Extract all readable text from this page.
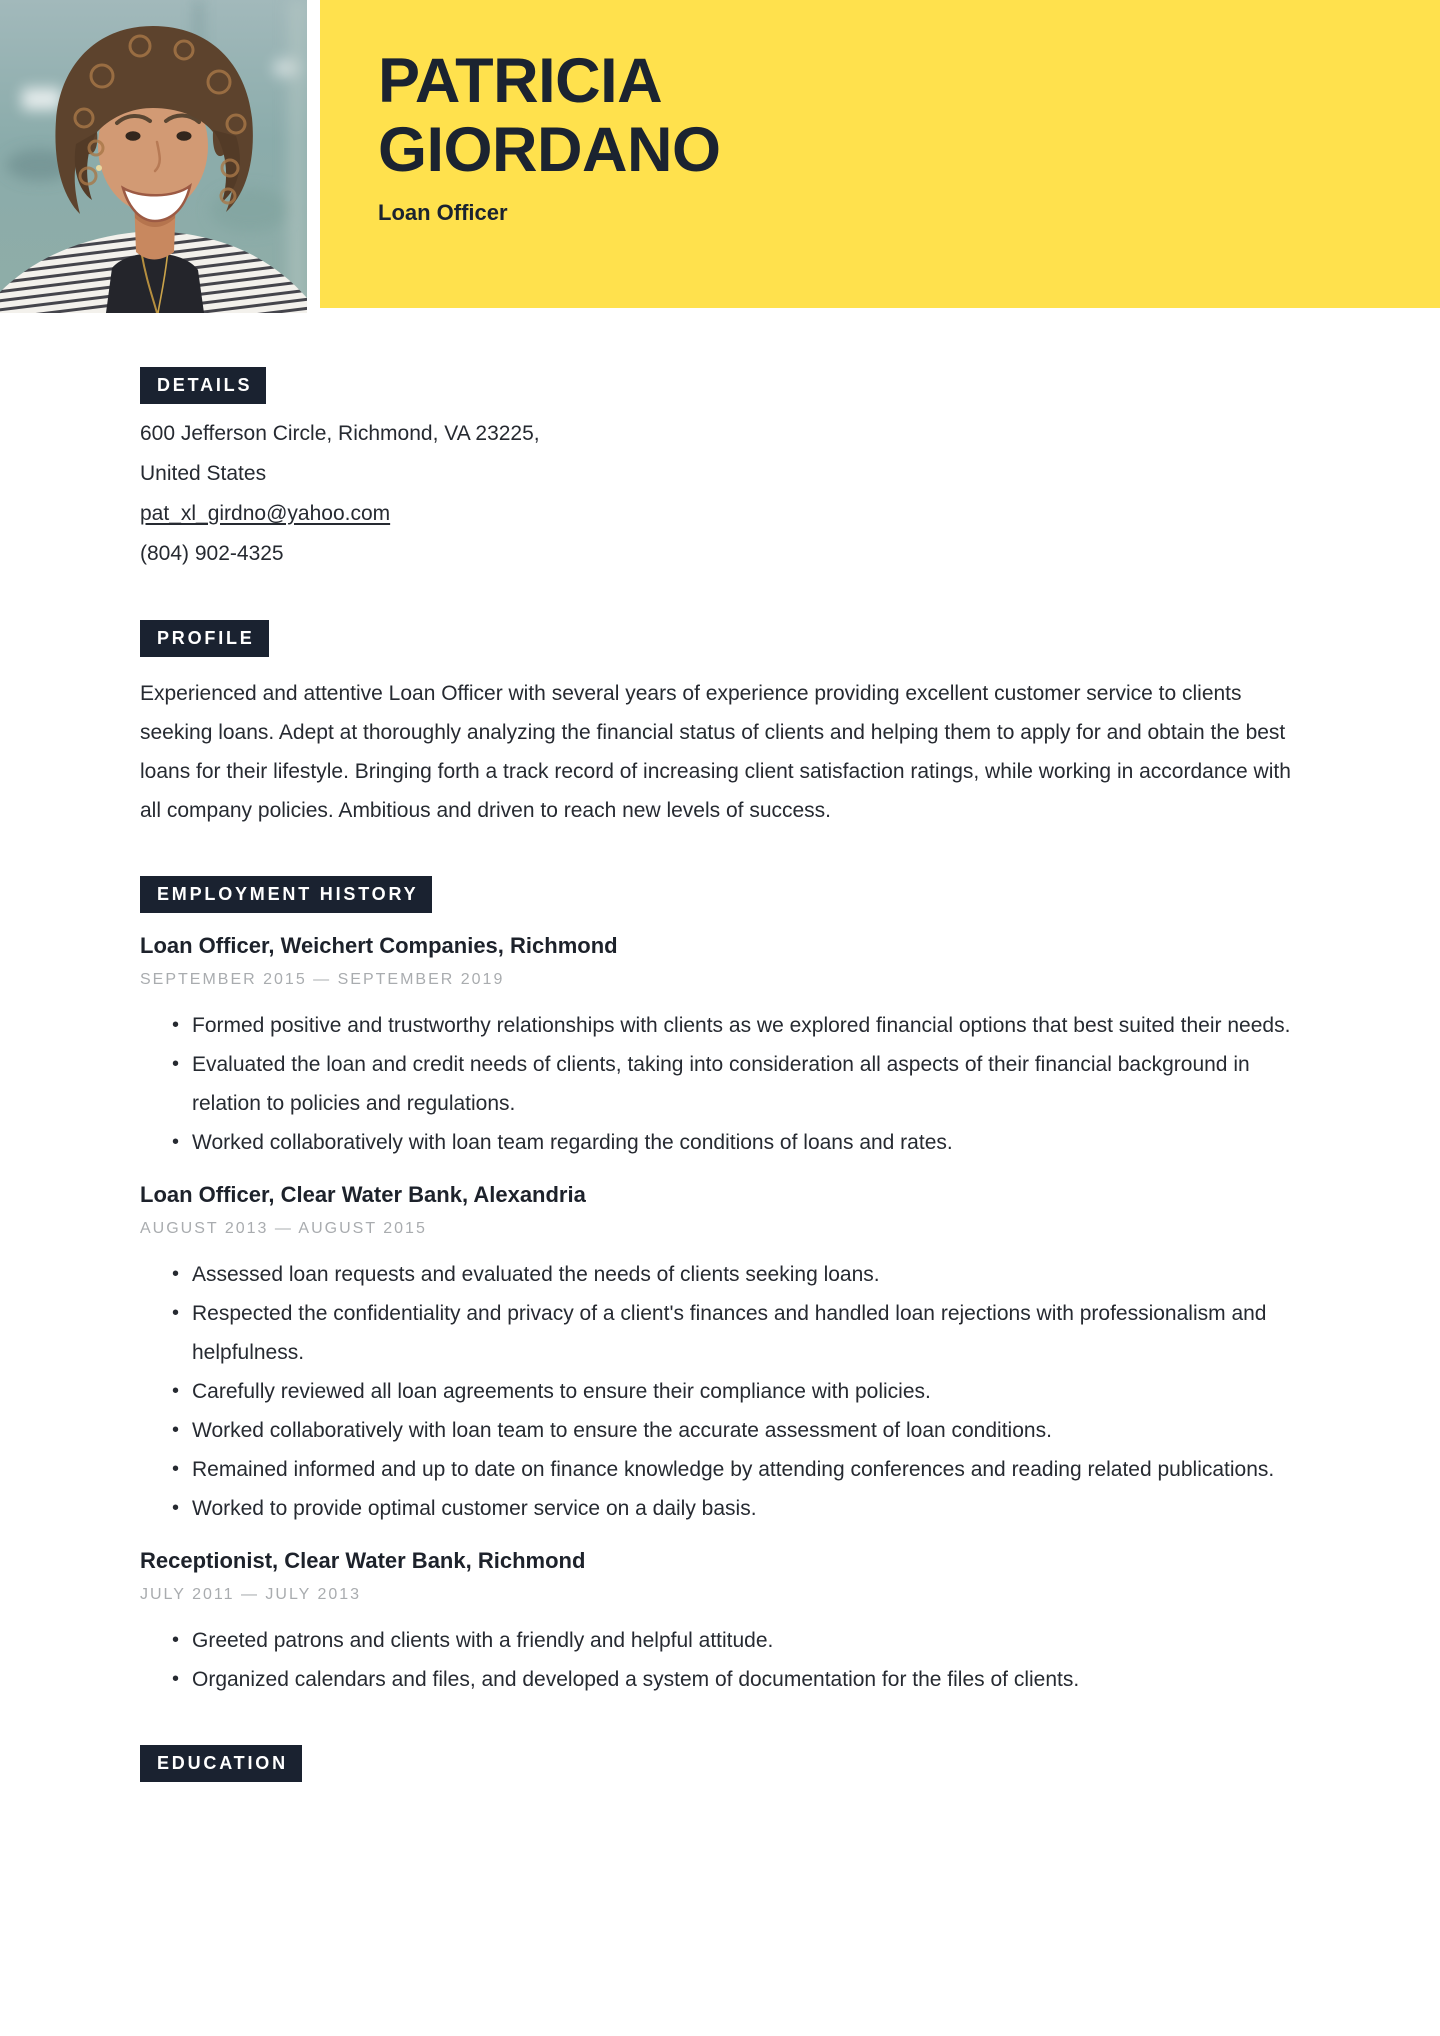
PATRICIA
GIORDANO
Loan Officer
DETAILS
600 Jefferson Circle, Richmond, VA 23225,
United States
pat_xl_girdno@yahoo.com
(804) 902-4325
PROFILE

Experienced and attentive Loan Officer with several years of experience providing excellent customer service to clients seeking loans. Adept at thoroughly analyzing the financial status of clients and helping them to apply for and obtain the best loans for their lifestyle. Bringing forth a track record of increasing client satisfaction ratings, while working in accordance with all company policies. Ambitious and driven to reach new levels of success.

EMPLOYMENT HISTORY
Loan Officer, Weichert Companies, Richmond
SEPTEMBER 2015 — SEPTEMBER 2019
• Formed positive and trustworthy relationships with clients as we explored financial options that best suited their needs.
• Evaluated the loan and credit needs of clients, taking into consideration all aspects of their financial background in relation to policies and regulations.
• Worked collaboratively with loan team regarding the conditions of loans and rates.
Loan Officer, Clear Water Bank, Alexandria
AUGUST 2013 — AUGUST 2015
• Assessed loan requests and evaluated the needs of clients seeking loans.
• Respected the confidentiality and privacy of a client's finances and handled loan rejections with professionalism and helpfulness.
• Carefully reviewed all loan agreements to ensure their compliance with policies.
• Worked collaboratively with loan team to ensure the accurate assessment of loan conditions.
• Remained informed and up to date on finance knowledge by attending conferences and reading related publications.
• Worked to provide optimal customer service on a daily basis.
Receptionist, Clear Water Bank, Richmond
JULY 2011 — JULY 2013
• Greeted patrons and clients with a friendly and helpful attitude.
• Organized calendars and files, and developed a system of documentation for the files of clients.
EDUCATION
